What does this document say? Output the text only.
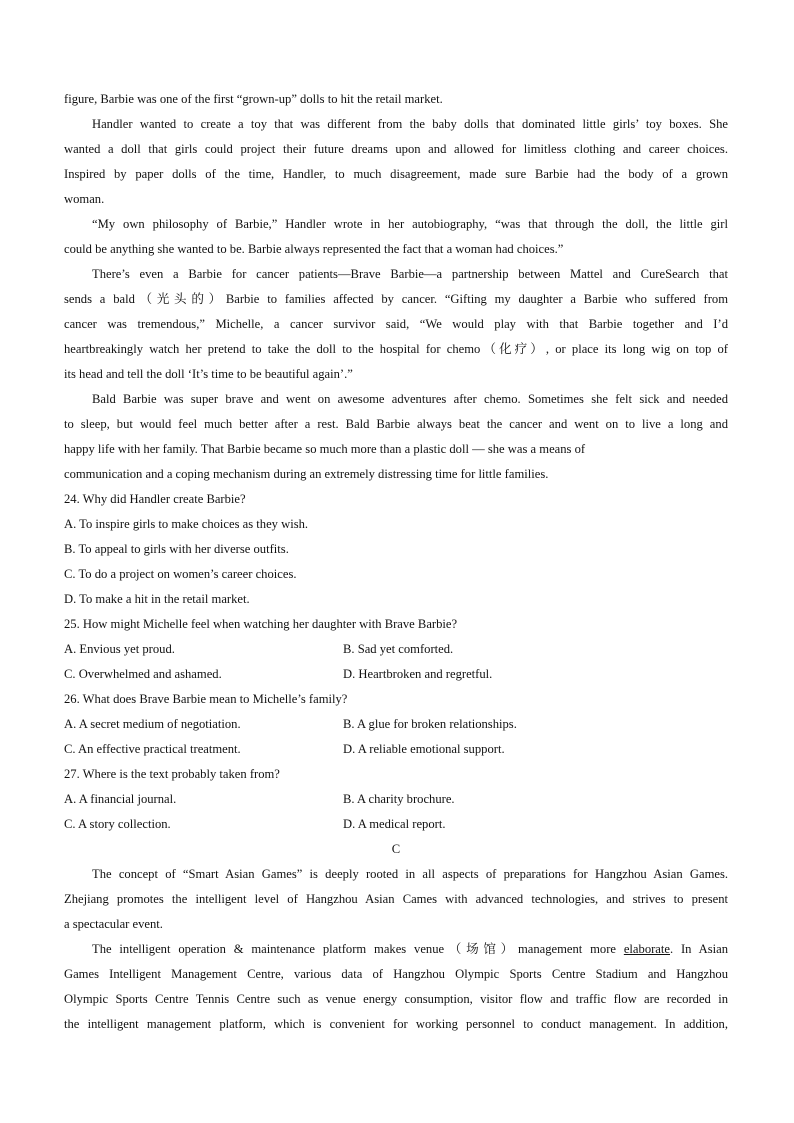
figure, Barbie was one of the first “grown-up” dolls to hit the retail market.
Handler wanted to create a toy that was different from the baby dolls that dominated little girls’ toy boxes. She
wanted a doll that girls could project their future dreams upon and allowed for limitless clothing and career choices.
Inspired by paper dolls of the time, Handler, to much disagreement, made sure Barbie had the body of a grown
woman.
“My own philosophy of Barbie,” Handler wrote in her autobiography, “was that through the doll, the little girl
could be anything she wanted to be. Barbie always represented the fact that a woman had choices.”
There’s even a Barbie for cancer patients—Brave Barbie—a partnership between Mattel and CureSearch that
sends a bald（光头的）Barbie to families affected by cancer. “Gifting my daughter a Barbie who suffered from
cancer was tremendous,” Michelle, a cancer survivor said, “We would play with that Barbie together and I’d
heartbreakingly watch her pretend to take the doll to the hospital for chemo（化疗）, or place its long wig on top of
its head and tell the doll ‘It’s time to be beautiful again’.”
Bald Barbie was super brave and went on awesome adventures after chemo. Sometimes she felt sick and needed
to sleep, but would feel much better after a rest. Bald Barbie always beat the cancer and went on to live a long and
happy life with her family. That Barbie became so much more than a plastic doll — she was a means of
communication and a coping mechanism during an extremely distressing time for little families.
24. Why did Handler create Barbie?
A. To inspire girls to make choices as they wish.
B. To appeal to girls with her diverse outfits.
C. To do a project on women’s career choices.
D. To make a hit in the retail market.
25. How might Michelle feel when watching her daughter with Brave Barbie?
A. Envious yet proud.	B. Sad yet comforted.
C. Overwhelmed and ashamed.	D. Heartbroken and regretful.
26. What does Brave Barbie mean to Michelle’s family?
A. A secret medium of negotiation.	B. A glue for broken relationships.
C. An effective practical treatment.	D. A reliable emotional support.
27. Where is the text probably taken from?
A. A financial journal.	B. A charity brochure.
C. A story collection.	D. A medical report.
C
The concept of “Smart Asian Games” is deeply rooted in all aspects of preparations for Hangzhou Asian Games.
Zhejiang promotes the intelligent level of Hangzhou Asian Cames with advanced technologies, and strives to present
a spectacular event.
The intelligent operation & maintenance platform makes venue（场馆）management more elaborate. In Asian
Games Intelligent Management Centre, various data of Hangzhou Olympic Sports Centre Stadium and Hangzhou
Olympic Sports Centre Tennis Centre such as venue energy consumption, visitor flow and traffic flow are recorded in
the intelligent management platform, which is convenient for working personnel to conduct management. In addition,
